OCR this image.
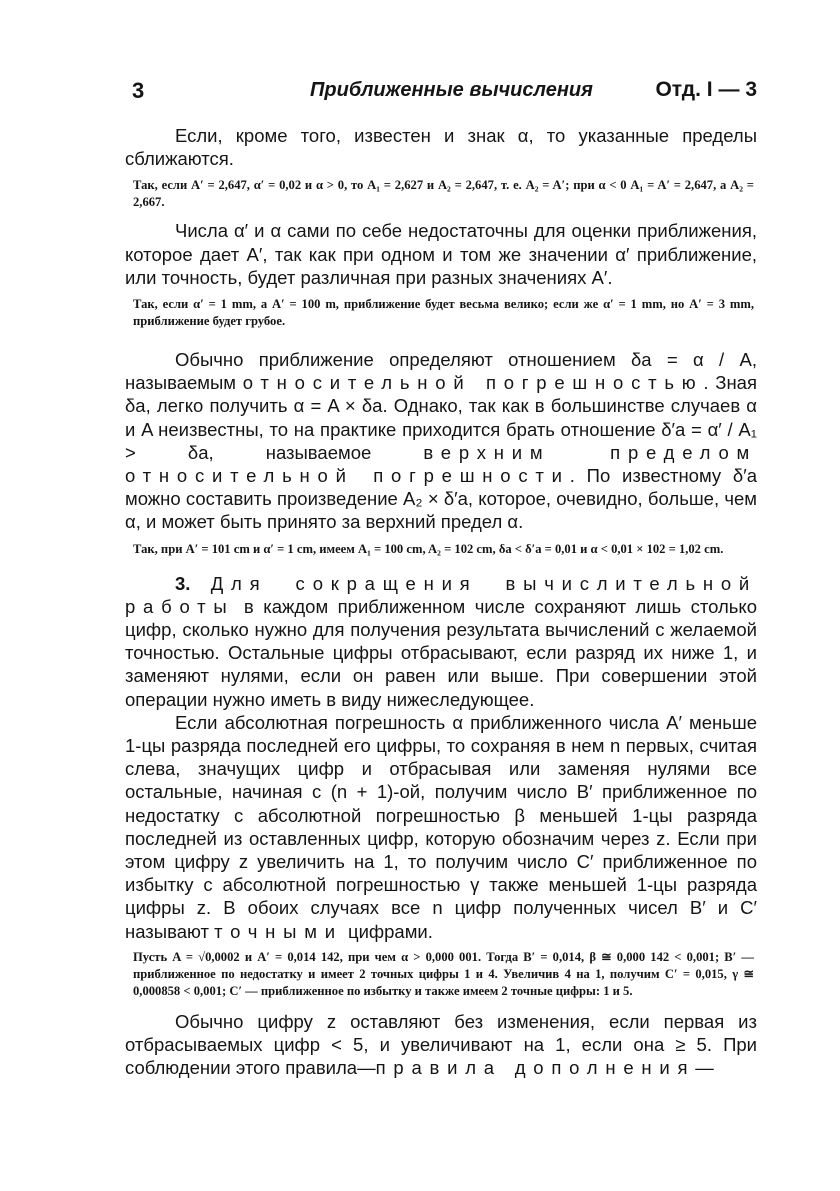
3	Приближенные вычисления	Отд. I — 3

Если, кроме того, известен и знак α, то указанные пределы сближаются.

Так, если A′ = 2,647, α′ = 0,02 и α > 0, то A₁ = 2,627 и A₂ = 2,647, т. е. A₂ = A′; при α < 0 A₁ = A′ = 2,647, а A₂ = 2,667.

Числа α′ и α сами по себе недостаточны для оценки приближения, которое дает A′, так как при одном и том же значении α′ приближение, или точность, будет различная при разных значениях A′.

Так, если α′ = 1 mm, а A′ = 100 m, приближение будет весьма велико; если же α′ = 1 mm, но A′ = 3 mm, приближение будет грубое.

Обычно приближение определяют отношением δa = α / A, называемым относительной погрешностью. Зная δa, легко получить α = A × δa. Однако, так как в большинстве случаев α и A неизвестны, то на практике приходится брать отношение δ′a = α′ / A₁ > δa, называемое верхним пределом относительной погрешности. По известному δ′a можно составить произведение A₂ × δ′a, которое, очевидно, больше, чем α, и может быть принято за верхний предел α.

Так, при A′ = 101 cm и α′ = 1 cm, имеем A₁ = 100 cm, A₂ = 102 cm, δa < δ′a = 0,01 и α < 0,01 × 102 = 1,02 cm.

3. Для сокращения вычислительной работы в каждом приближенном числе сохраняют лишь столько цифр, сколько нужно для получения результата вычислений с желаемой точностью. Остальные цифры отбрасывают, если разряд их ниже 1, и заменяют нулями, если он равен или выше. При совершении этой операции нужно иметь в виду нижеследующее.

Если абсолютная погрешность α приближенного числа A′ меньше 1-цы разряда последней его цифры, то сохраняя в нем n первых, считая слева, значущих цифр и отбрасывая или заменяя нулями все остальные, начиная с (n + 1)-ой, получим число B′ приближенное по недостатку с абсолютной погрешностью β меньшей 1-цы разряда последней из оставленных цифр, которую обозначим через z. Если при этом цифру z увеличить на 1, то получим число C′ приближенное по избытку с абсолютной погрешностью γ также меньшей 1-цы разряда цифры z. В обоих случаях все n цифр полученных чисел B′ и C′ называют точными цифрами.

Пусть A = √0,0002 и A′ = 0,014 142, при чем α > 0,000 001. Тогда B′ = 0,014, β ≅ 0,000 142 < 0,001; B′ — приближенное по недостатку и имеет 2 точных цифры 1 и 4. Увеличив 4 на 1, получим C′ = 0,015, γ ≅ 0,000858 < 0,001; C′ — приближенное по избытку и также имеем 2 точные цифры: 1 и 5.

Обычно цифру z оставляют без изменения, если первая из отбрасываемых цифр < 5, и увеличивают на 1, если она ≥ 5. При соблюдении этого правила—правила дополнения—
